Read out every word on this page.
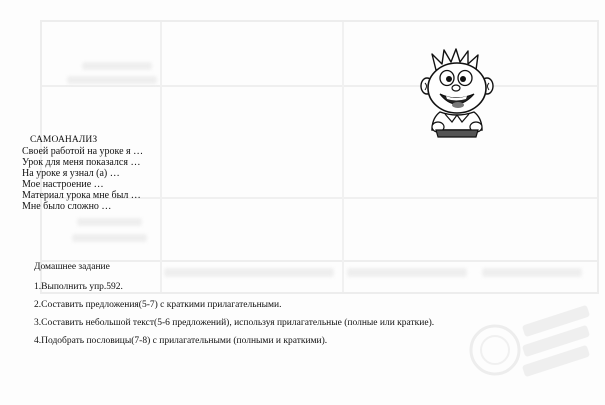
САМОАНАЛИЗ
Своей работой на уроке я …
Урок для меня показался …
На уроке я узнал (а) …
Мое настроение …
Материал урока мне был …
Мне было сложно …
Домашнее задание
1.Выполнить упр.592.
2.Составить предложения(5-7) с краткими прилагательными.
3.Составить небольшой текст(5-6 предложений), используя прилагательные (полные или краткие).
4.Подобрать пословицы(7-8) с прилагательными (полными и краткими).
